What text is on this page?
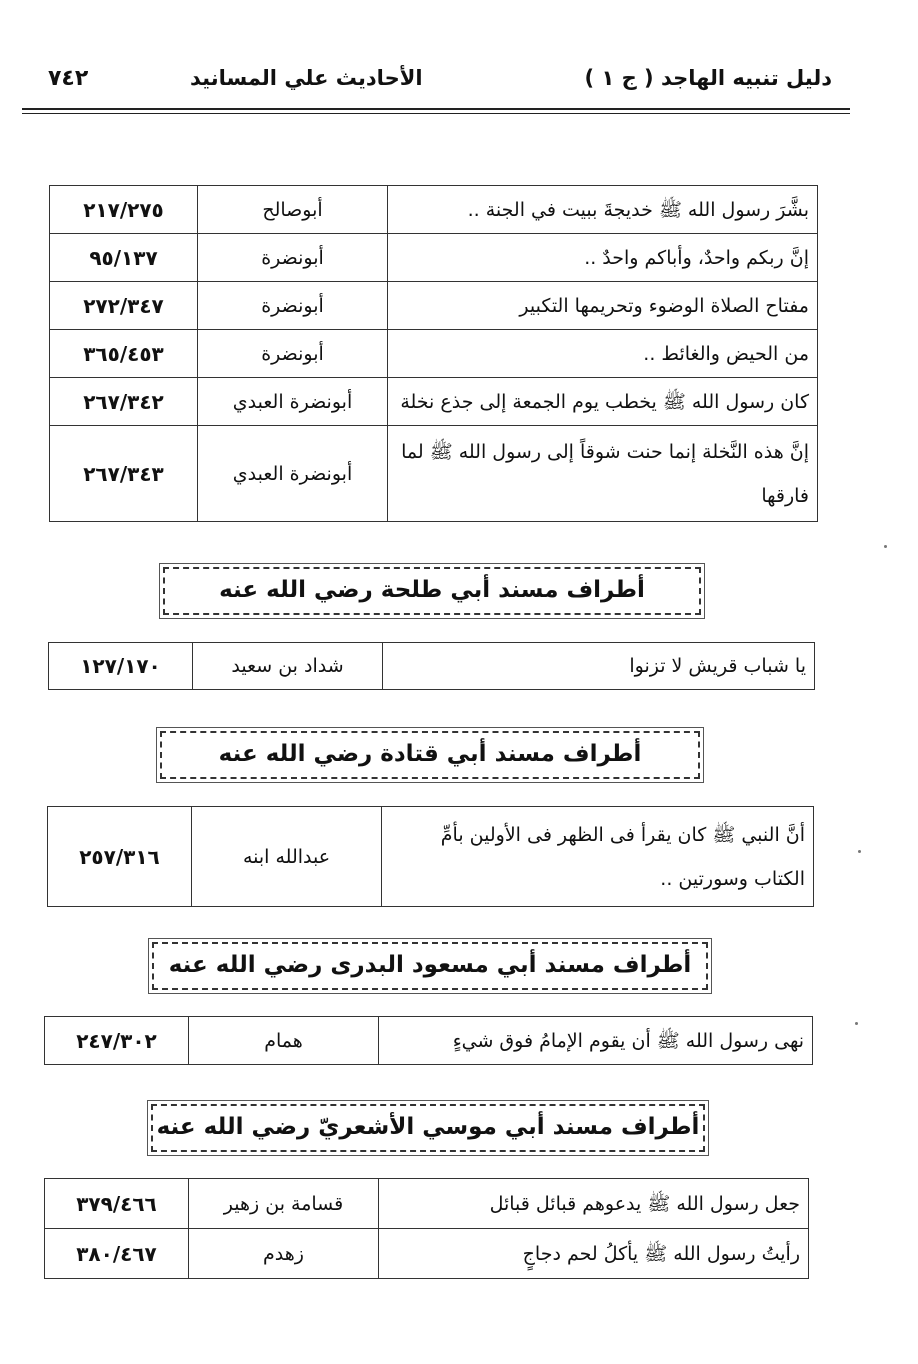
دليل تنبيه الهاجد ( ج ١ )
الأحاديث علي المسانيد
٧٤٢
بشَّرَ رسول الله ﷺ خديجةَ ببيت في الجنة ..	أبوصالح	٢١٧/٢٧٥
إنَّ ربكم واحدٌ، وأباكم واحدٌ ..	أبونضرة	٩٥/١٣٧
مفتاح الصلاة الوضوء وتحريمها التكبير	أبونضرة	٢٧٢/٣٤٧
من الحيض والغائط ..	أبونضرة	٣٦٥/٤٥٣
كان رسول الله ﷺ يخطب يوم الجمعة إلى جذع نخلة	أبونضرة العبدي	٢٦٧/٣٤٢
إنَّ هذه النَّخلة إنما حنت شوقاً إلى رسول الله ﷺ لما فارقها	أبونضرة العبدي	٢٦٧/٣٤٣
أطراف مسند أبي طلحة رضي الله عنه
يا شباب قريش لا تزنوا	شداد بن سعيد	١٢٧/١٧٠
أطراف مسند أبي قتادة رضي الله عنه
أنَّ النبي ﷺ كان يقرأ فى الظهر فى الأولين بأمِّ الكتاب وسورتين ..	عبدالله ابنه	٢٥٧/٣١٦
أطراف مسند أبي مسعود البدرى رضي الله عنه
نهى رسول الله ﷺ أن يقوم الإمامُ فوق شيءٍ	همام	٢٤٧/٣٠٢
أطراف مسند أبي موسي الأشعريّ رضي الله عنه
جعل رسول الله ﷺ يدعوهم قبائل قبائل	قسامة بن زهير	٣٧٩/٤٦٦
رأيتُ رسول الله ﷺ يأكلُ لحم دجاجٍ	زهدم	٣٨٠/٤٦٧
